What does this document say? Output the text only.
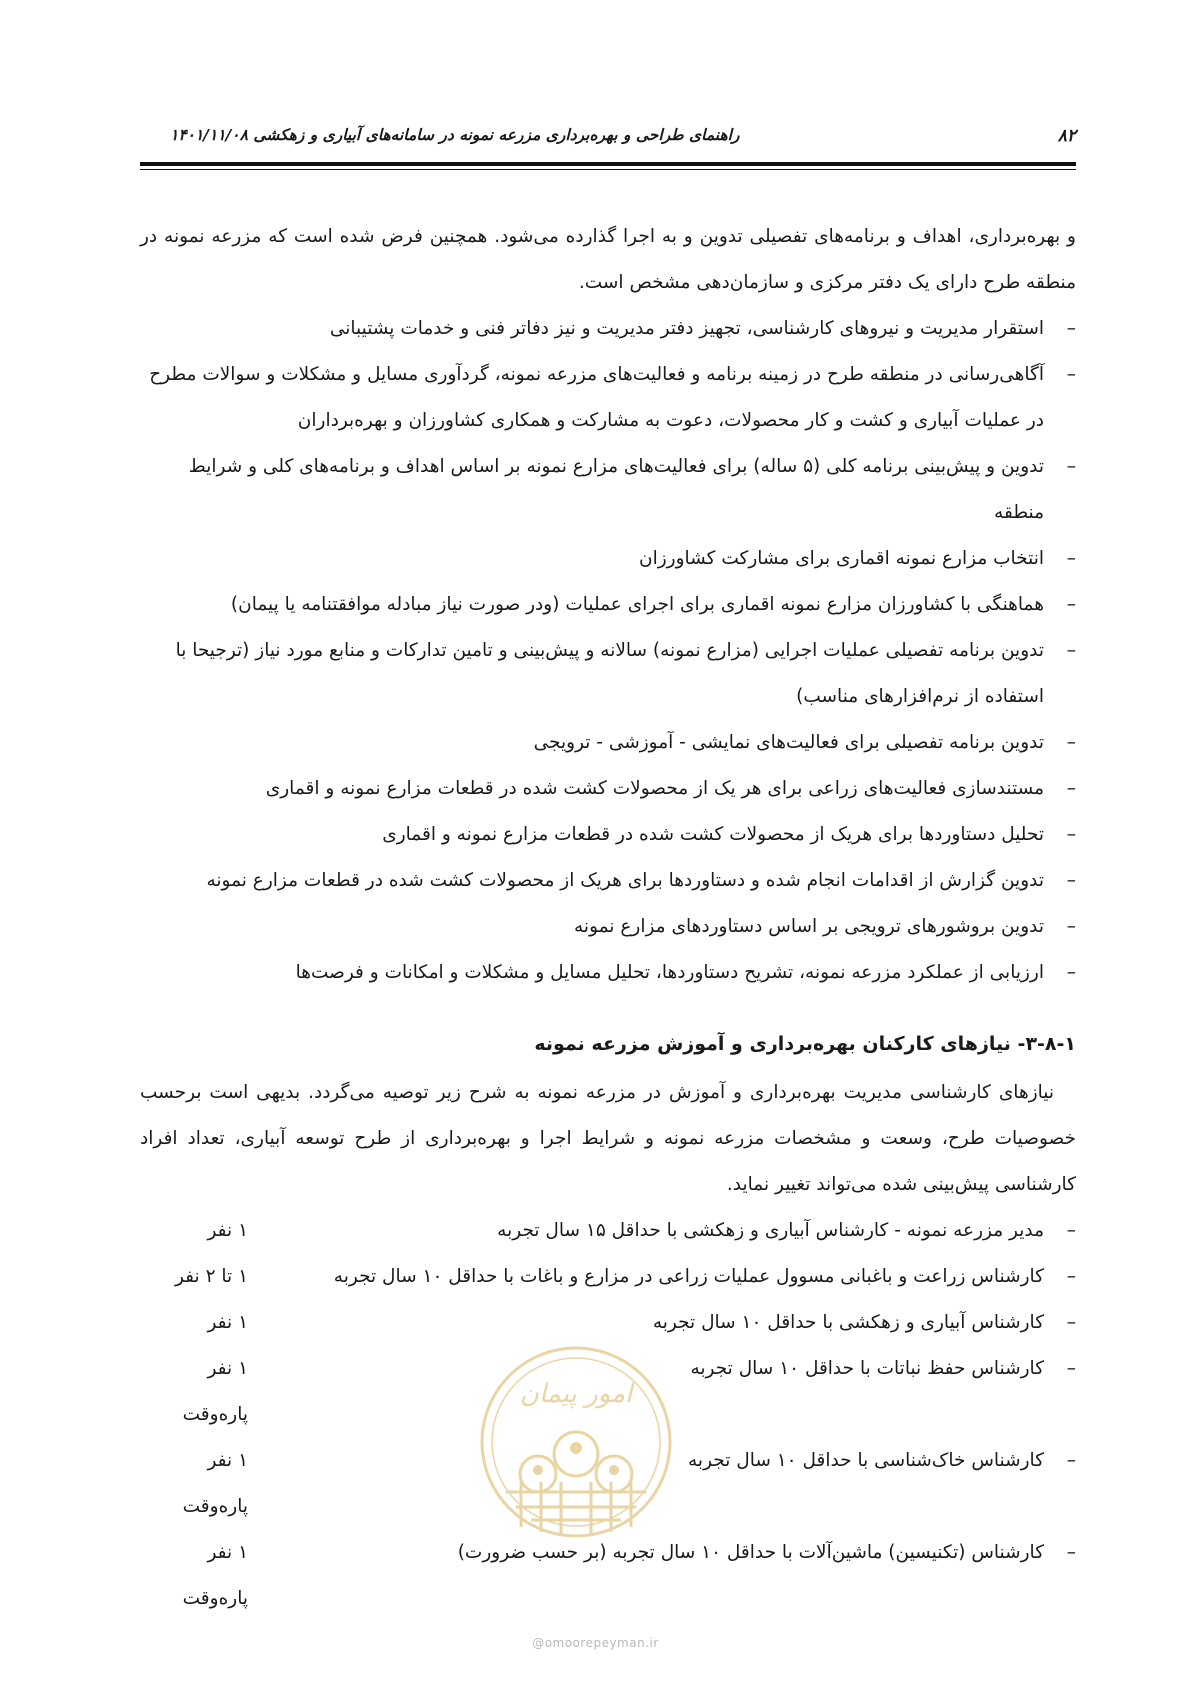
۸۲
راهنمای طراحی و بهره‌برداری مزرعه نمونه در سامانه‌های آبیاری و زهکشی ۱۴۰۱/۱۱/۰۸

و بهره‌برداری، اهداف و برنامه‌های تفصیلی تدوین و به اجرا گذارده می‌شود. همچنین فرض شده است که مزرعه نمونه در منطقه طرح دارای یک دفتر مرکزی و سازمان‌دهی مشخص است.

–
استقرار مدیریت و نیروهای کارشناسی، تجهیز دفتر مدیریت و نیز دفاتر فنی و خدمات پشتیبانی
–
آگاهی‌رسانی در منطقه طرح در زمینه برنامه و فعالیت‌های مزرعه نمونه، گردآوری مسایل و مشکلات و سوالات مطرح در عملیات آبیاری و کشت و کار محصولات، دعوت به مشارکت و همکاری کشاورزان و بهره‌برداران
–
تدوین و پیش‌بینی برنامه کلی (۵ ساله) برای فعالیت‌های مزارع نمونه بر اساس اهداف و برنامه‌های کلی و شرایط منطقه
–
انتخاب مزارع نمونه اقماری برای مشارکت کشاورزان
–
هماهنگی با کشاورزان مزارع نمونه اقماری برای اجرای عملیات (ودر صورت نیاز مبادله موافقتنامه یا پیمان)
–
تدوین برنامه تفصیلی عملیات اجرایی (مزارع نمونه) سالانه و پیش‌بینی و تامین تدارکات و منابع مورد نیاز (ترجیحا با استفاده از نرم‌افزارهای مناسب)
–
تدوین برنامه تفصیلی برای فعالیت‌های نمایشی - آموزشی - ترویجی
–
مستندسازی فعالیت‌های زراعی برای هر یک از محصولات کشت شده در قطعات مزارع نمونه و اقماری
–
تحلیل دستاوردها برای هریک از محصولات کشت شده در قطعات مزارع نمونه و اقماری
–
تدوین گزارش از اقدامات انجام شده و دستاوردها برای هریک از محصولات کشت شده در قطعات مزارع نمونه
–
تدوین بروشورهای ترویجی بر اساس دستاوردهای مزارع نمونه
–
ارزیابی از عملکرد مزرعه نمونه، تشریح دستاوردها، تحلیل مسایل و مشکلات و امکانات و فرصت‌ها
۳-۸-۱- نیازهای کارکنان بهره‌برداری و آموزش مزرعه نمونه

نیازهای کارشناسی مدیریت بهره‌برداری و آموزش در مزرعه نمونه به شرح زیر توصیه می‌گردد. بدیهی است برحسب خصوصیات طرح، وسعت و مشخصات مزرعه نمونه و شرایط اجرا و بهره‌برداری از طرح توسعه آبیاری، تعداد افراد کارشناسی پیش‌بینی شده می‌تواند تغییر نماید.

–
مدیر مزرعه نمونه - کارشناس آبیاری و زهکشی با حداقل ۱۵ سال تجربه
۱ نفر
–
کارشناس زراعت و باغبانی مسوول عملیات زراعی در مزارع و باغات با حداقل ۱۰ سال تجربه
۱ تا ۲ نفر
–
کارشناس آبیاری و زهکشی با حداقل ۱۰ سال تجربه
۱ نفر
–
کارشناس حفظ نباتات با حداقل ۱۰ سال تجربه
۱ نفر پاره‌وقت
–
کارشناس خاک‌شناسی با حداقل ۱۰ سال تجربه
۱ نفر پاره‌وقت
–
کارشناس (تکنیسین) ماشین‌آلات با حداقل ۱۰ سال تجربه (بر حسب ضرورت)
۱ نفر پاره‌وقت
امور پیمان
@omoorepeyman.ir
